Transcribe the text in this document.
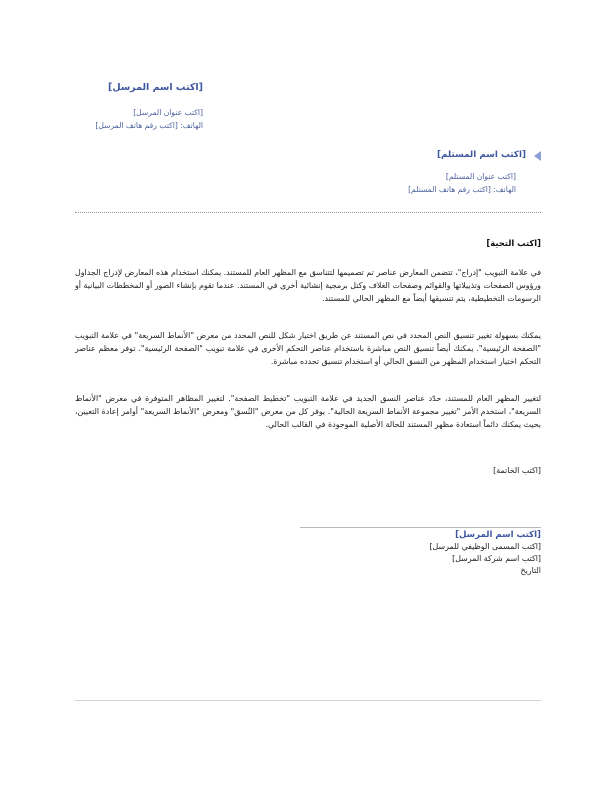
[اكتب اسم المرسل]
[اكتب عنوان المرسل]
الهاتف: [اكتب رقم هاتف المرسل]
[اكتب اسم المستلم]
[اكتب عنوان المستلم]
الهاتف: [اكتب رقم هاتف المستلم]
[اكتب التحية]
في علامة التبويب "إدراج"، تتضمن المعارض عناصر تم تصميمها لتتناسق مع المظهر العام للمستند. يمكنك استخدام هذه المعارض لإدراج الجداول ورؤوس الصفحات وتذييلاتها والقوائم وصفحات الغلاف وكتل برمجية إنشائية أخرى في المستند. عندما تقوم بإنشاء الصور أو المخططات البيانية أو الرسومات التخطيطية، يتم تنسيقها أيضاً مع المظهر الحالي للمستند.
يمكنك بسهولة تغيير تنسيق النص المحدد في نص المستند عن طريق اختيار شكل للنص المحدد من معرض "الأنماط السريعة" في علامة التبويب "الصفحة الرئيسية". يمكنك أيضاً تنسيق النص مباشرة باستخدام عناصر التحكم الأخرى في علامة تبويب "الصفحة الرئيسية". توفر معظم عناصر التحكم اختيار استخدام المظهر من النسق الحالي أو استخدام تنسيق تحدده مباشرة.
لتغيير المظهر العام للمستند، حدّد عناصر النسق الجديد في علامة التبويب "تخطيط الصفحة". لتغيير المظاهر المتوفرة في معرض "الأنماط السريعة"، استخدم الأمر "تغيير مجموعة الأنماط السريعة الحالية". يوفر كل من معرض "النُسق" ومعرض "الأنماط السريعة" أوامر إعادة التعيين، بحيث يمكنك دائماً استعادة مظهر المستند للحالة الأصلية الموجودة في القالب الحالي.
[اكتب الخاتمة]
[اكتب اسم المرسل]
[اكتب المسمى الوظيفي للمرسل]
[اكتب اسم شركة المرسل]
التاريخ
